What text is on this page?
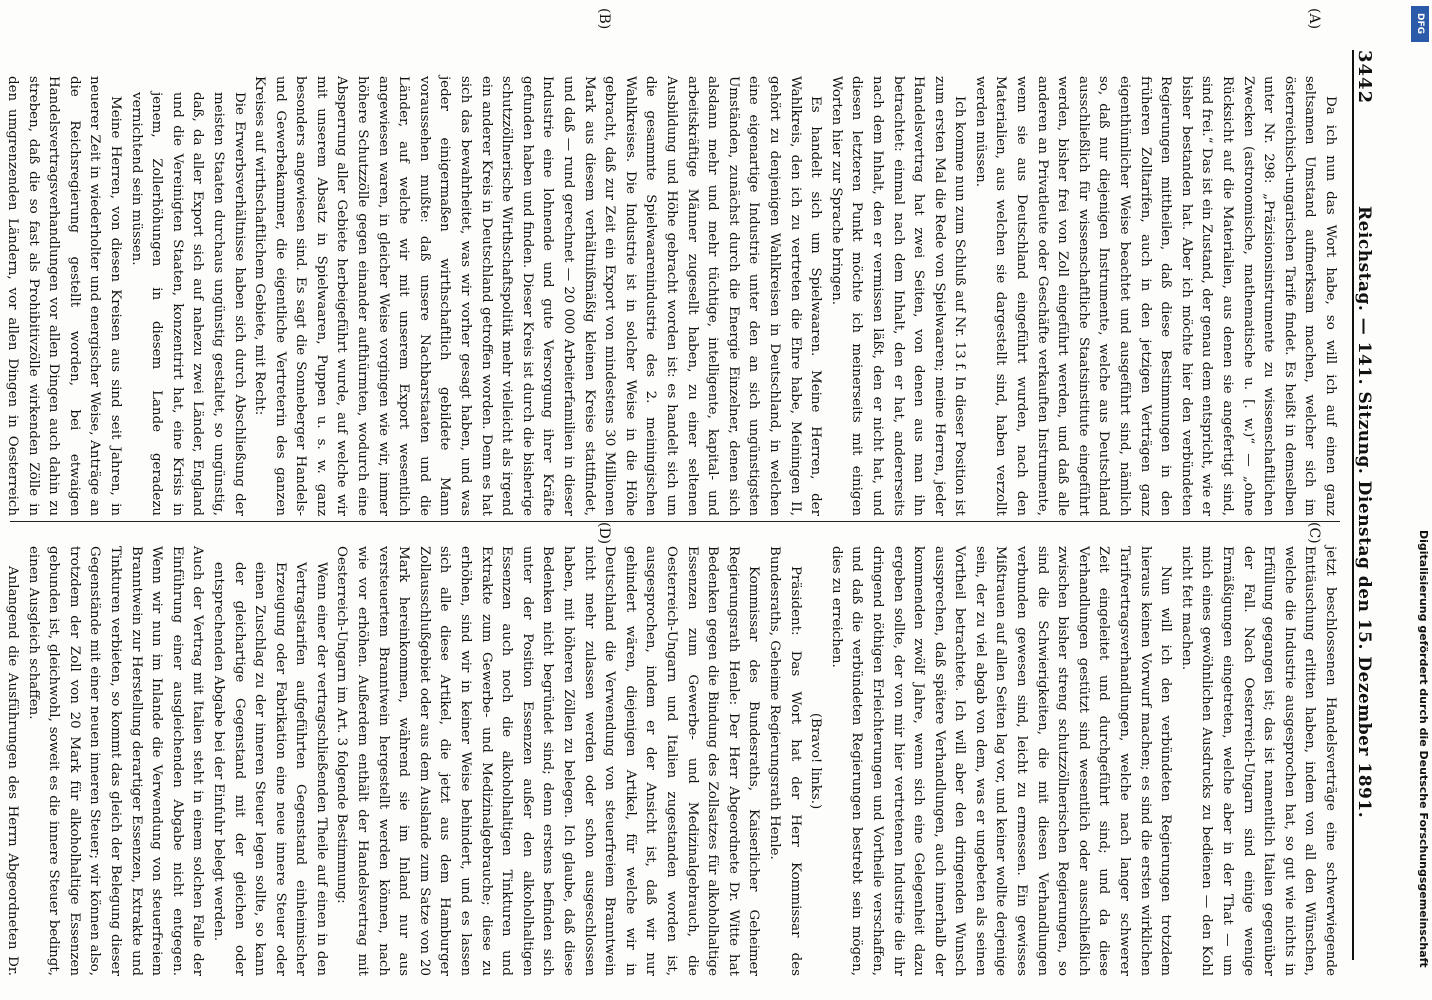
3442
Reichstag. — 141. Sitzung. Dienstag den 15. Dezember 1891.
(A)
(B)
(C)
(D)

Da ich nun das Wort habe, so will ich auf einen ganz seltsamen Umstand aufmerksam machen, welcher sich im österreichisch-ungarischen Tarife findet. Es heißt in demselben unter Nr. 298: „Präzisionsinstrumente zu wissenschaftlichen Zwecken (astronomische, mathematische u. [. w.)“ — „ohne Rücksicht auf die Materialien, aus denen sie angefertigt sind, sind frei.“ Das ist ein Zustand, der genau dem entspricht, wie er bisher bestanden hat. Aber ich möchte hier den verbündeten Regierungen mittheilen, daß diese Bestimmungen in den früheren Zolltarifen, auch in den jetzigen Verträgen ganz eigenthümlicher Weise beachtet und ausgeführt sind, nämlich so, daß nur diejenigen Instrumente, welche aus Deutschland ausschließlich für wissenschaftliche Staatsinstitute eingeführt werden, bisher frei von Zoll eingeführt werden, und daß alle anderen an Privatleute oder Geschäfte verkauften Instrumente, wenn sie aus Deutschland eingeführt wurden, nach den Materialien, aus welchen sie dargestellt sind, haben verzollt werden müssen.

Ich komme nun zum Schluß auf Nr. 13 f. In dieser Position ist zum ersten Mal die Rede von Spielwaaren; meine Herren, jeder Handelsvertrag hat zwei Seiten, von denen aus man ihn betrachtet: einmal nach dem Inhalt, den er hat, andererseits nach dem Inhalt, den er vermissen läßt, den er nicht hat, und diesen letzteren Punkt möchte ich meinerseits mit einigen Worten hier zur Sprache bringen.

Es handelt sich um Spielwaaren. Meine Herren, der Wahlkreis, den ich zu vertreten die Ehre habe, Meiningen II, gehört zu denjenigen Wahlkreisen in Deutschland, in welchen eine eigenartige Industrie unter den an sich ungünstigsten Umständen, zunächst durch die Energie Einzelner, denen sich alsdann mehr und mehr tüchtige, intelligente, kapital- und arbeitskräftige Männer zugesellt haben, zu einer seltenen Ausbildung und Höhe gebracht worden ist: es handelt sich um die gesammte Spielwaarenindustrie des 2. meiningischen Wahlkreises. Die Industrie ist in solcher Weise in die Höhe gebracht, daß zur Zeit ein Export von mindestens 30 Millionen Mark aus diesem verhältnißmäßig kleinen Kreise stattfindet, und daß — rund gerechnet — 20 000 Arbeiterfamilien in dieser Industrie eine lohnende und gute Versorgung ihrer Kräfte gefunden haben und finden. Dieser Kreis ist durch die bisherige schutzzöllnerische Wirthschaftspolitik mehr vielleicht als irgend ein anderer Kreis in Deutschland getroffen worden. Denn es hat sich das bewahrheitet, was wir vorher gesagt haben, und was jeder einigermaßen wirthschaftlich gebildete Mann voraussehen mußte: daß unsere Nachbarstaaten und die Länder, auf welche wir mit unserem Export wesentlich angewiesen waren, in gleicher Weise vorgingen wie wir, immer höhere Schutzzölle gegen einander aufthürmten, wodurch eine Absperrung aller Gebiete herbeigeführt wurde, auf welche wir mit unserem Absatz in Spielwaaren, Puppen u. s. w. ganz besonders angewiesen sind. Es sagt die Sonneberger Handels- und Gewerbekammer, die eigentliche Vertreterin des ganzen Kreises auf wirthschaftlichem Gebiete, mit Recht:

Die Erwerbsverhältnisse haben sich durch Abschließung der meisten Staaten durchaus ungünstig gestaltet, so ungünstig, daß, da aller Export sich auf nahezu zwei Länder, England und die Vereinigten Staaten, konzentrirt hat, eine Krisis in jenem, Zollerhöhungen in diesem Lande geradezu vernichtend sein müssen.

Meine Herren, von diesen Kreisen aus sind seit Jahren, in neuerer Zeit in wiederholter und energischer Weise, Anträge an die Reichsregierung gestellt worden, bei etwaigen Handelsvertragsverhandlungen vor allen Dingen auch dahin zu streben, daß die so fast als Prohibitivzölle wirkenden Zölle in den umgrenzenden Ländern, vor allen Dingen in Oesterreich

jetzt beschlossenen Handelsverträge eine schwerwiegende Enttäuschung erlitten haben, indem von all den Wünschen, welche die Industrie ausgesprochen hat, so gut wie nichts in Erfüllung gegangen ist; das ist namentlich Italien gegenüber der Fall. Nach Oesterreich-Ungarn sind einige wenige Ermäßigungen eingetreten, welche aber in der That — um mich eines gewöhnlichen Ausdrucks zu bedienen — den Kohl nicht fett machen.

Nun will ich den verbündeten Regierungen trotzdem hieraus keinen Vorwurf machen; es sind die ersten wirklichen Tarifvertragsverhandlungen, welche nach langer schwerer Zeit eingeleitet und durchgeführt sind; und da diese Verhandlungen gestützt sind wesentlich oder ausschließlich zwischen bisher streng schutzzöllnerischen Regierungen, so sind die Schwierigkeiten, die mit diesen Verhandlungen verbunden gewesen sind, leicht zu ermessen. Ein gewisses Mißtrauen auf allen Seiten lag vor, und keiner wollte derjenige sein, der zu viel abgab von dem, was er ungebeten als seinen Vortheil betrachtete. Ich will aber den dringenden Wunsch aussprechen, daß spätere Verhandlungen, auch innerhalb der kommenden zwölf Jahre, wenn sich eine Gelegenheit dazu ergeben sollte, der von mir hier vertretenen Industrie die ihr dringend nöthigen Erleichterungen und Vortheile verschaffen, und daß die verbündeten Regierungen bestrebt sein mögen, dies zu erreichen.

(Bravo! links.)

Präsident: Das Wort hat der Herr Kommissar des Bundesraths, Geheime Regierungsrath Henle.

Kommissar des Bundesraths, Kaiserlicher Geheimer Regierungsrath Henle: Der Herr Abgeordnete Dr. Witte hat Bedenken gegen die Bindung des Zollsatzes für alkoholhaltige Essenzen zum Gewerbe- und Medizinalgebrauch, die Oesterreich-Ungarn und Italien zugestanden worden ist, ausgesprochen, indem er der Ansicht ist, daß wir nur gehindert wären, diejenigen Artikel, für welche wir in Deutschland die Verwendung von steuerfreiem Branntwein nicht mehr zulassen werden oder schon ausgeschlossen haben, mit höheren Zöllen zu belegen. Ich glaube, daß diese Bedenken nicht begründet sind; denn erstens befinden sich unter der Position Essenzen außer den alkoholhaltigen Essenzen auch noch die alkoholhaltigen Tinkturen und Extrakte zum Gewerbe- und Medizinalgebrauche; diese zu erhöhen, sind wir in keiner Weise behindert, und es lassen sich alle diese Artikel, die jetzt aus dem Hamburger Zollausschlußgebiet oder aus dem Auslande zum Satze von 20 Mark hereinkommen, während sie im Inland nur aus versteuertem Branntwein hergestellt werden können, nach wie vor erhöhen. Außerdem enthält der Handelsvertrag mit Oesterreich-Ungarn im Art. 3 folgende Bestimmung:

Wenn einer der vertragschließenden Theile auf einen in den Vertragstarifen aufgeführten Gegenstand einheimischer Erzeugung oder Fabrikation eine neue innere Steuer oder einen Zuschlag zu der inneren Steuer legen sollte, so kann der gleichartige Gegenstand mit der gleichen oder entsprechenden Abgabe bei der Einfuhr belegt werden.

Auch der Vertrag mit Italien steht in einem solchen Falle der Einführung einer ausgleichenden Abgabe nicht entgegen. Wenn wir nun im Inlande die Verwendung von steuerfreiem Branntwein zur Herstellung derartiger Essenzen, Extrakte und Tinkturen verbieten, so kommt das gleich der Belegung dieser Gegenstände mit einer neuen inneren Steuer; wir können also, trotzdem der Zoll von 20 Mark für alkoholhaltige Essenzen gebunden ist, gleichwohl, soweit es die innere Steuer bedingt, einen Ausgleich schaffen.

Anlangend die Ausführungen des Herrn Abgeordneten Dr.

DFG
Digitalisierung gefördert durch die Deutsche Forschungsgemeinschaft
